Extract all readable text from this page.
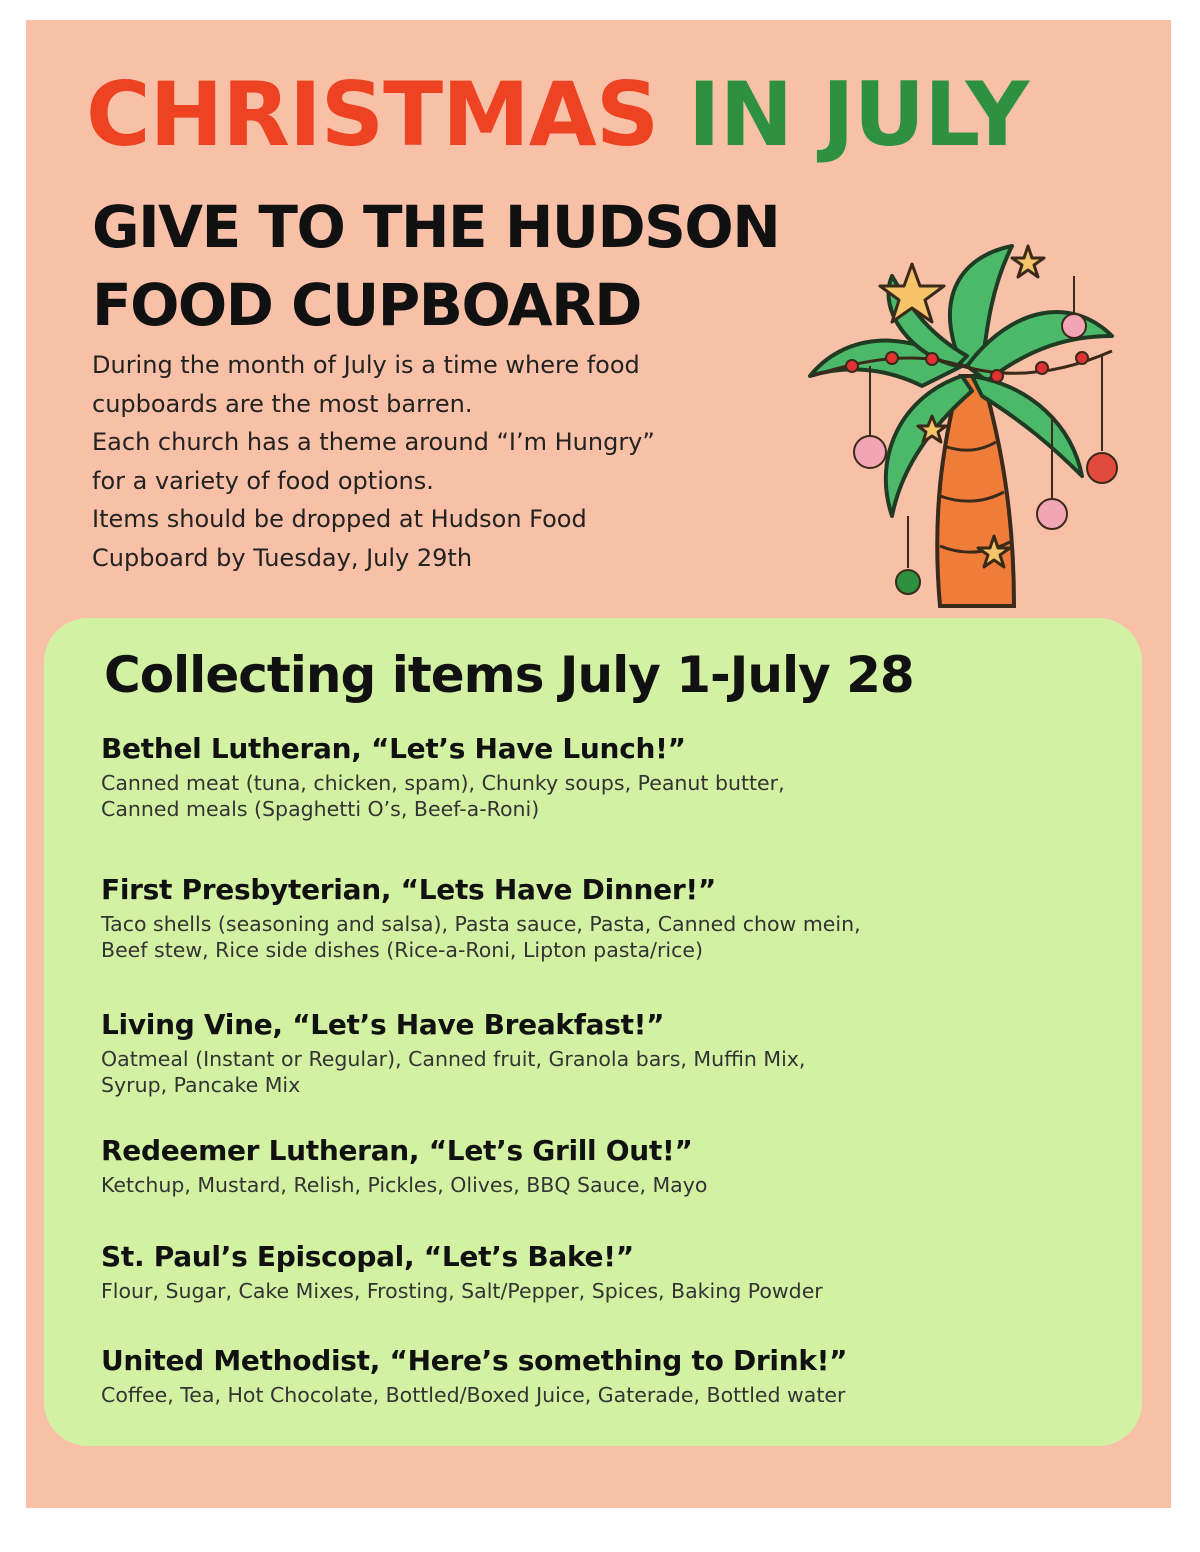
CHRISTMAS IN JULY
GIVE TO THE HUDSON
FOOD CUPBOARD

During the month of July is a time where food

cupboards are the most barren.

Each church has a theme around “I’m Hungry”

for a variety of food options.

Items should be dropped at Hudson Food

Cupboard by Tuesday, July 29th

Collecting items July 1-July 28
Bethel Lutheran, “Let’s Have Lunch!”

Canned meat (tuna, chicken, spam), Chunky soups, Peanut butter,
Canned meals (Spaghetti O’s, Beef-a-Roni)

First Presbyterian, “Lets Have Dinner!”

Taco shells (seasoning and salsa), Pasta sauce, Pasta, Canned chow mein,
Beef stew, Rice side dishes (Rice-a-Roni, Lipton pasta/rice)

Living Vine, “Let’s Have Breakfast!”

Oatmeal (Instant or Regular), Canned fruit, Granola bars, Muffin Mix,
Syrup, Pancake Mix

Redeemer Lutheran, “Let’s Grill Out!”

Ketchup, Mustard, Relish, Pickles, Olives, BBQ Sauce, Mayo

St. Paul’s Episcopal, “Let’s Bake!”

Flour, Sugar, Cake Mixes, Frosting, Salt/Pepper, Spices, Baking Powder

United Methodist, “Here’s something to Drink!”

Coffee, Tea, Hot Chocolate, Bottled/Boxed Juice, Gaterade, Bottled water
